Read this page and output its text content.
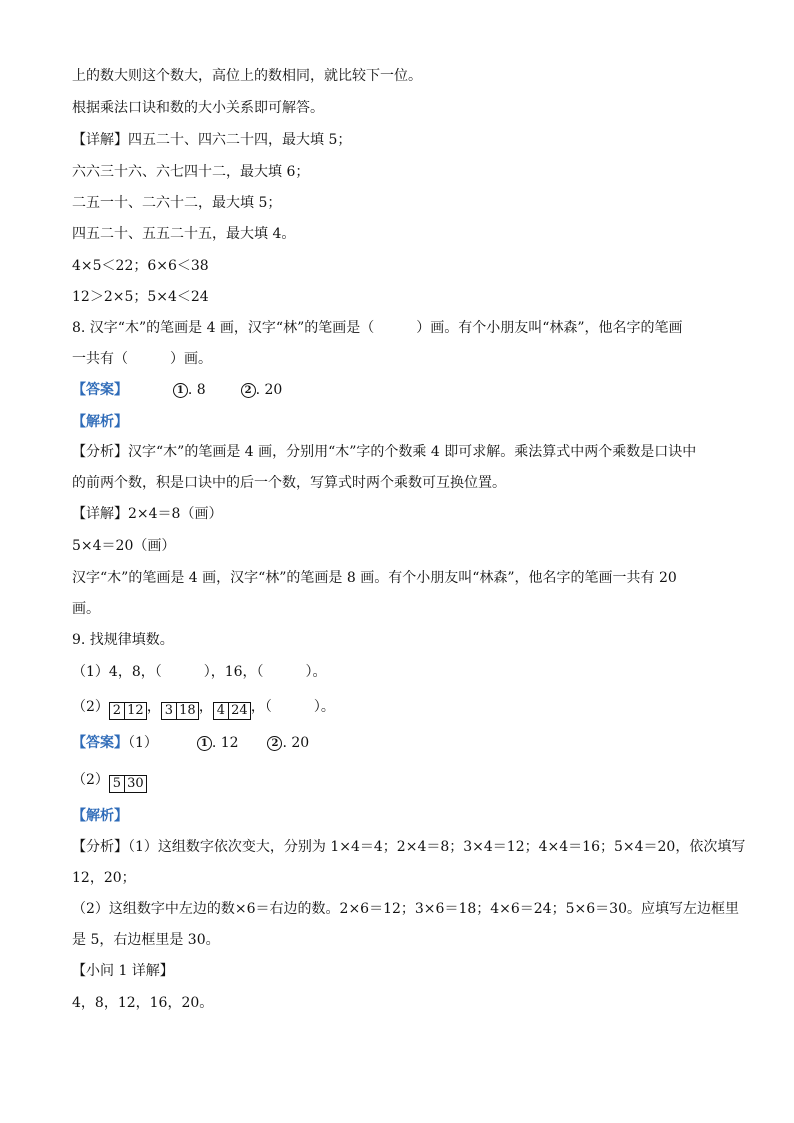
上的数大则这个数大，高位上的数相同，就比较下一位。
根据乘法口诀和数的大小关系即可解答。
【详解】四五二十、四六二十四，最大填 5；
六六三十六、六七四十二，最大填 6；
二五一十、二六十二，最大填 5；
四五二十、五五二十五，最大填 4。
4×5＜22；6×6＜38
12＞2×5；5×4＜24
8. 汉字“木”的笔画是 4 画，汉字“林”的笔画是（　　　）画。有个小朋友叫“林森”，他名字的笔画
一共有（　　　）画。
【答案】	1 . 8	2 . 20
【解析】
【分析】汉字“木”的笔画是 4 画，分别用“木”字的个数乘 4 即可求解。乘法算式中两个乘数是口诀中
的前两个数，积是口诀中的后一个数，写算式时两个乘数可互换位置。
【详解】2×4＝8（画）
5×4＝20（画）
汉字“木”的笔画是 4 画，汉字“林”的笔画是 8 画。有个小朋友叫“林森”，他名字的笔画一共有 20
画。
9. 找规律填数。
（1）4，8，（　　　），16，（　　　）。
（2） 2 12 ， 3 18 ， 4 24 ，（　　　）。
【答案】（1）	1 . 12	2 . 20
（2） 5 30
【解析】
【分析】（1）这组数字依次变大，分别为 1×4＝4；2×4＝8；3×4＝12；4×4＝16；5×4＝20，依次填写
12，20；
（2）这组数字中左边的数×6＝右边的数。2×6＝12；3×6＝18；4×6＝24；5×6＝30。应填写左边框里
是 5，右边框里是 30。
【小问 1 详解】
4，8，12，16，20。
